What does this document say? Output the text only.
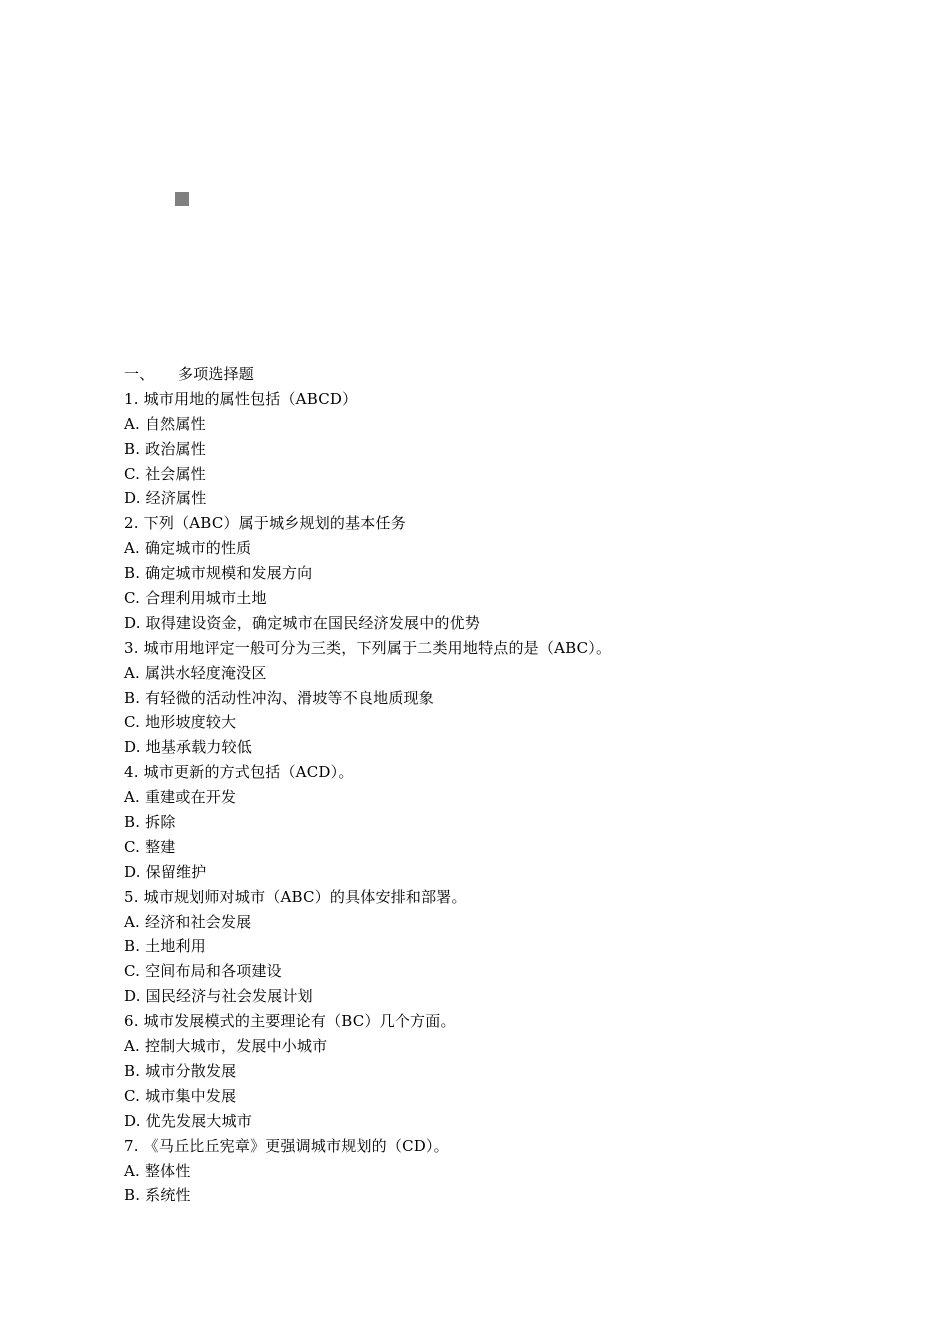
一、 多项选择题
1. 城市用地的属性包括（ABCD）
A. 自然属性
B. 政治属性
C. 社会属性
D. 经济属性
2. 下列（ABC）属于城乡规划的基本任务
A. 确定城市的性质
B. 确定城市规模和发展方向
C. 合理利用城市土地
D. 取得建设资金，确定城市在国民经济发展中的优势
3. 城市用地评定一般可分为三类，下列属于二类用地特点的是（ABC）。
A. 属洪水轻度淹没区
B. 有轻微的活动性冲沟、滑坡等不良地质现象
C. 地形坡度较大
D. 地基承载力较低
4. 城市更新的方式包括（ACD）。
A. 重建或在开发
B. 拆除
C. 整建
D. 保留维护
5. 城市规划师对城市（ABC）的具体安排和部署。
A. 经济和社会发展
B. 土地利用
C. 空间布局和各项建设
D. 国民经济与社会发展计划
6. 城市发展模式的主要理论有（BC）几个方面。
A. 控制大城市，发展中小城市
B. 城市分散发展
C. 城市集中发展
D. 优先发展大城市
7. 《马丘比丘宪章》更强调城市规划的（CD）。
A. 整体性
B. 系统性
